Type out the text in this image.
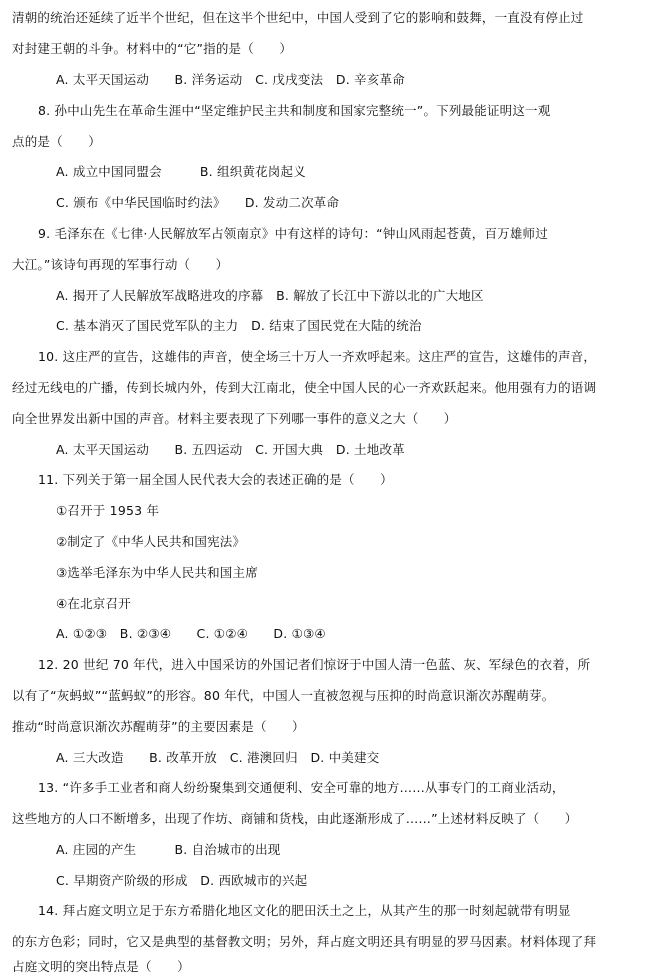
清朝的统治还延续了近半个世纪，但在这半个世纪中，中国人受到了它的影响和鼓舞，一直没有停止过
对封建王朝的斗争。材料中的“它”指的是（　　）
A. 太平天国运动　　B. 洋务运动　C. 戊戌变法　D. 辛亥革命
8. 孙中山先生在革命生涯中“坚定维护民主共和制度和国家完整统一”。下列最能证明这一观
点的是（　　）
A. 成立中国同盟会　　　B. 组织黄花岗起义
C. 颁布《中华民国临时约法》　　D. 发动二次革命
9. 毛泽东在《七律·人民解放军占领南京》中有这样的诗句：“钟山风雨起苍黄，百万雄师过
大江。”该诗句再现的军事行动（　　）
A. 揭开了人民解放军战略进攻的序幕　B. 解放了长江中下游以北的广大地区
C. 基本消灭了国民党军队的主力　D. 结束了国民党在大陆的统治
10. 这庄严的宣告，这雄伟的声音，使全场三十万人一齐欢呼起来。这庄严的宣告，这雄伟的声音，
经过无线电的广播，传到长城内外，传到大江南北，使全中国人民的心一齐欢跃起来。他用强有力的语调
向全世界发出新中国的声音。材料主要表现了下列哪一事件的意义之大（　　）
A. 太平天国运动　　B. 五四运动　C. 开国大典　D. 土地改革
11. 下列关于第一届全国人民代表大会的表述正确的是（　　）
①召开于 1953 年
②制定了《中华人民共和国宪法》
③选举毛泽东为中华人民共和国主席
④在北京召开
A. ①②③　B. ②③④　　C. ①②④　　D. ①③④
12. 20 世纪 70 年代，进入中国采访的外国记者们惊讶于中国人清一色蓝、灰、军绿色的衣着，所
以有了“灰蚂蚁”“蓝蚂蚁”的形容。80 年代，中国人一直被忽视与压抑的时尚意识渐次苏醒萌芽。
推动“时尚意识渐次苏醒萌芽”的主要因素是（　　）
A. 三大改造　　B. 改革开放　C. 港澳回归　D. 中美建交
13. “许多手工业者和商人纷纷聚集到交通便利、安全可靠的地方……从事专门的工商业活动，
这些地方的人口不断增多，出现了作坊、商铺和货栈，由此逐渐形成了……”上述材料反映了（　　）
A. 庄园的产生　　　B. 自治城市的出现
C. 早期资产阶级的形成　D. 西欧城市的兴起
14. 拜占庭文明立足于东方希腊化地区文化的肥田沃土之上，从其产生的那一时刻起就带有明显
的东方色彩；同时，它又是典型的基督教文明；另外，拜占庭文明还具有明显的罗马因素。材料体现了拜
占庭文明的突出特点是（　　）
